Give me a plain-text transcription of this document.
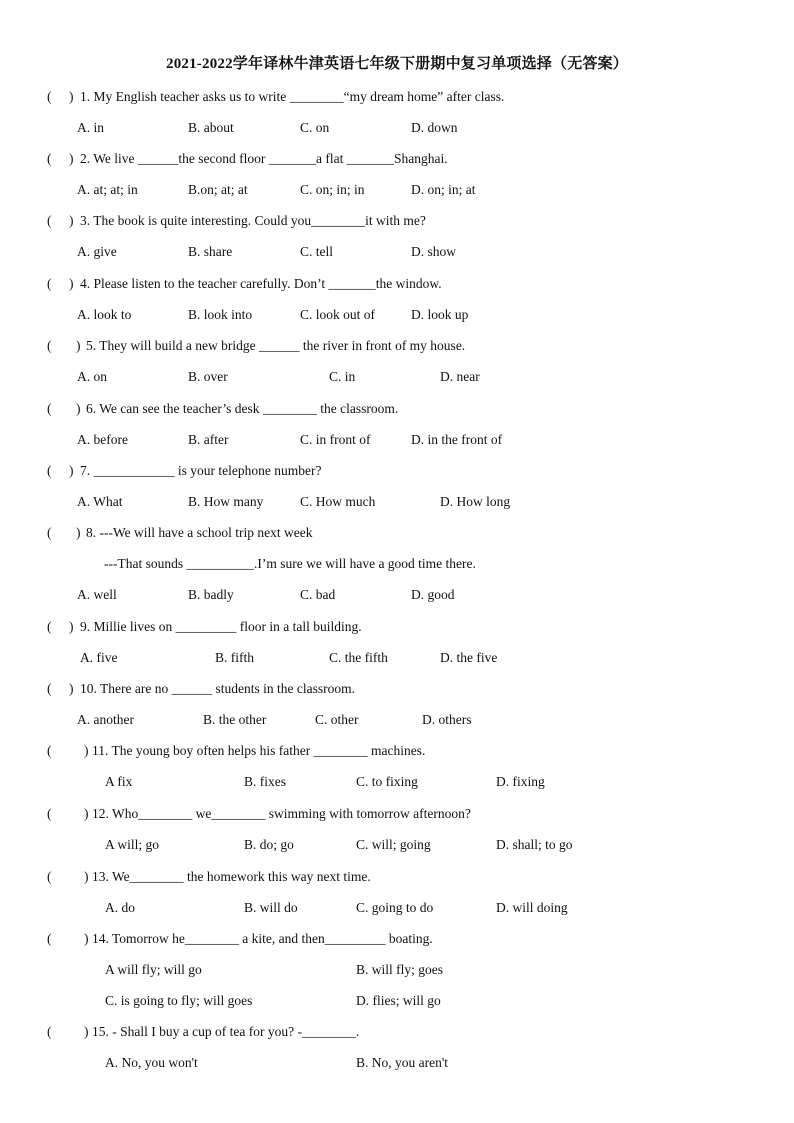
2021-2022学年译林牛津英语七年级下册期中复习单项选择（无答案）
( ) 1. My English teacher asks us to write ________“my dream home” after class.
A. in	B. about	C. on	D. down
( ) 2. We live ______the second floor _______a flat _______Shanghai.
A. at; at; in	B.on; at; at	C. on; in; in	D. on; in; at
( ) 3. The book is quite interesting. Could you________it with me?
A. give	B. share	C. tell	D. show
( ) 4. Please listen to the teacher carefully. Don’t _______the window.
A. look to	B. look into	C. look out of	D. look up
( ) 5. They will build a new bridge ______ the river in front of my house.
A. on	B. over	C. in	D. near
( ) 6. We can see the teacher’s desk ________ the classroom.
A. before	B. after	C. in front of	D. in the front of
( ) 7. ____________ is your telephone number?
A. What	B. How many	C. How much	D. How long
( ) 8. ---We will have a school trip next week
---That sounds __________.I’m sure we will have a good time there.
A. well	B. badly	C. bad	D. good
( ) 9. Millie lives on _________ floor in a tall building.
A. five	B. fifth	C. the fifth	D. the five
( ) 10. There are no ______ students in the classroom.
A. another	B. the other	C. other	D. others
( ) 11. The young boy often helps his father ________ machines.
A fix	B. fixes	C. to fixing	D. fixing
( ) 12. Who________ we________ swimming with tomorrow afternoon?
A will; go	B. do; go	C. will; going	D. shall; to go
( ) 13. We________ the homework this way next time.
A. do	B. will do	C. going to do	D. will doing
( ) 14. Tomorrow he________ a kite, and then_________ boating.
A will fly; will go	B. will fly; goes
C. is going to fly; will goes	D. flies; will go
( ) 15. - Shall I buy a cup of tea for you? -________.
A. No, you won't	B. No, you aren't
